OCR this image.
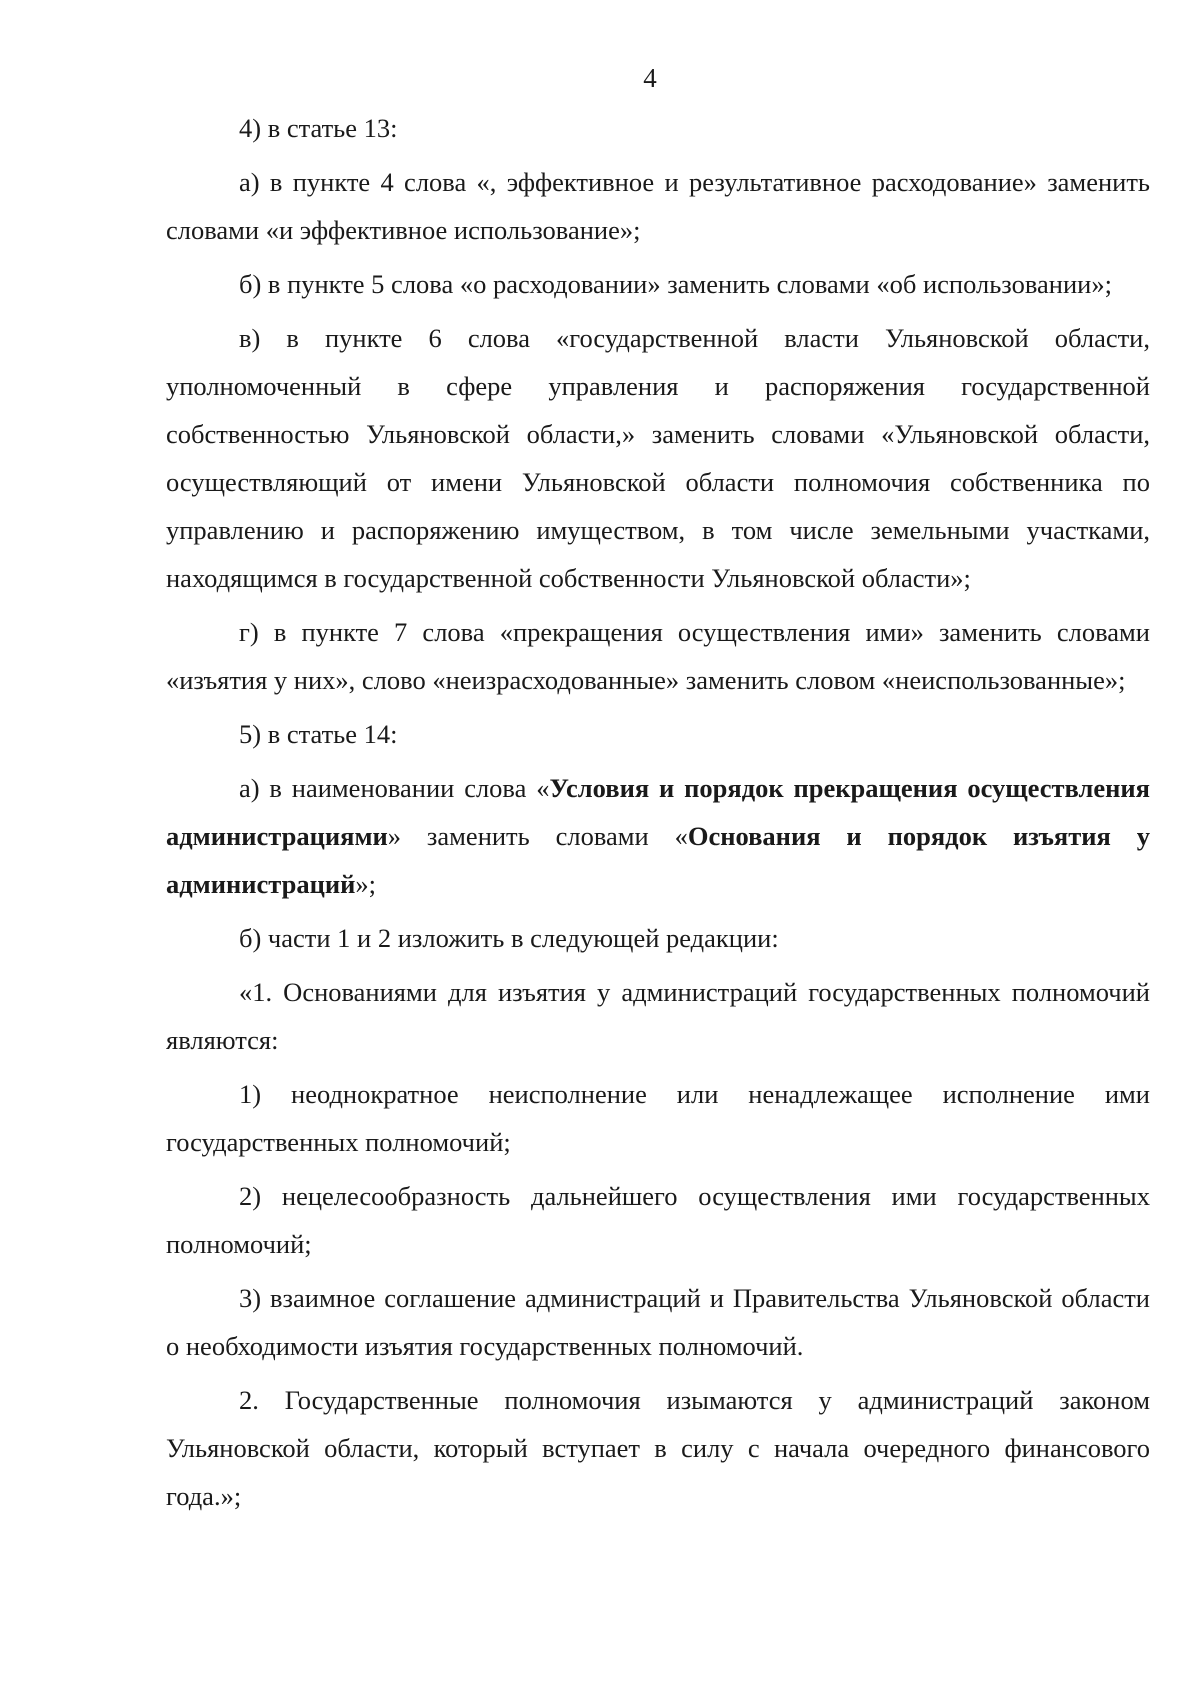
4

4) в статье 13:

а) в пункте 4 слова «, эффективное и результативное расходование» заменить словами «и эффективное использование»;

б) в пункте 5 слова «о расходовании» заменить словами «об использовании»;

в) в пункте 6 слова «государственной власти Ульяновской области, уполномоченный в сфере управления и распоряжения государственной собственностью Ульяновской области,» заменить словами «Ульяновской области, осуществляющий от имени Ульяновской области полномочия собственника по управлению и распоряжению имуществом, в том числе земельными участками, находящимся в государственной собственности Ульяновской области»;

г) в пункте 7 слова «прекращения осуществления ими» заменить словами «изъятия у них», слово «неизрасходованные» заменить словом «неиспользованные»;

5) в статье 14:

а) в наименовании слова «Условия и порядок прекращения осуществления администрациями» заменить словами «Основания и порядок изъятия у администраций»;

б) части 1 и 2 изложить в следующей редакции:

«1. Основаниями для изъятия у администраций государственных полномочий являются:

1) неоднократное неисполнение или ненадлежащее исполнение ими государственных полномочий;

2) нецелесообразность дальнейшего осуществления ими государственных полномочий;

3) взаимное соглашение администраций и Правительства Ульяновской области о необходимости изъятия государственных полномочий.

2. Государственные полномочия изымаются у администраций законом Ульяновской области, который вступает в силу с начала очередного финансового года.»;
